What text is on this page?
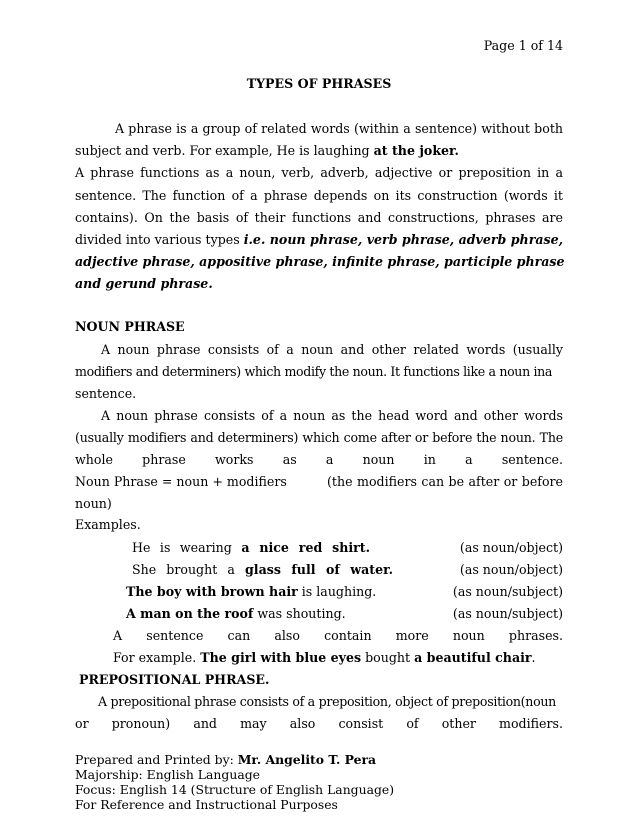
Page 1 of 14
TYPES OF PHRASES
A phrase is a group of related words (within a sentence) without both
subject and verb. For example, He is laughing at the joker.
A phrase functions as a noun, verb, adverb, adjective or preposition in a
sentence. The function of a phrase depends on its construction (words it
contains). On the basis of their functions and constructions, phrases are
divided into various types i.e. noun phrase, verb phrase, adverb phrase,
adjective phrase, appositive phrase, infinite phrase, participle phrase
and gerund phrase.
NOUN PHRASE
A noun phrase consists of a noun and other related words (usually
modifiers and determiners) which modify the noun. It functions like a noun ina
sentence.
A noun phrase consists of a noun as the head word and other words
(usually modifiers and determiners) which come after or before the noun. The
whole phrase works as a noun in a sentence.
Noun Phrase = noun + modifiers	(the modifiers can be after or before
noun)
Examples.
He is wearing a nice red shirt.	(as noun/object)
She brought a glass full of water.	(as noun/object)
The boy with brown hair is laughing.	(as noun/subject)
A man on the roof was shouting.	(as noun/subject)
A sentence can also contain more noun phrases.
For example. The girl with blue eyes bought a beautiful chair.
PREPOSITIONAL PHRASE.
A prepositional phrase consists of a preposition, object of preposition(noun
or pronoun) and may also consist of other modifiers.
Prepared and Printed by: Mr. Angelito T. Pera
Majorship: English Language
Focus: English 14 (Structure of English Language)
For Reference and Instructional Purposes
